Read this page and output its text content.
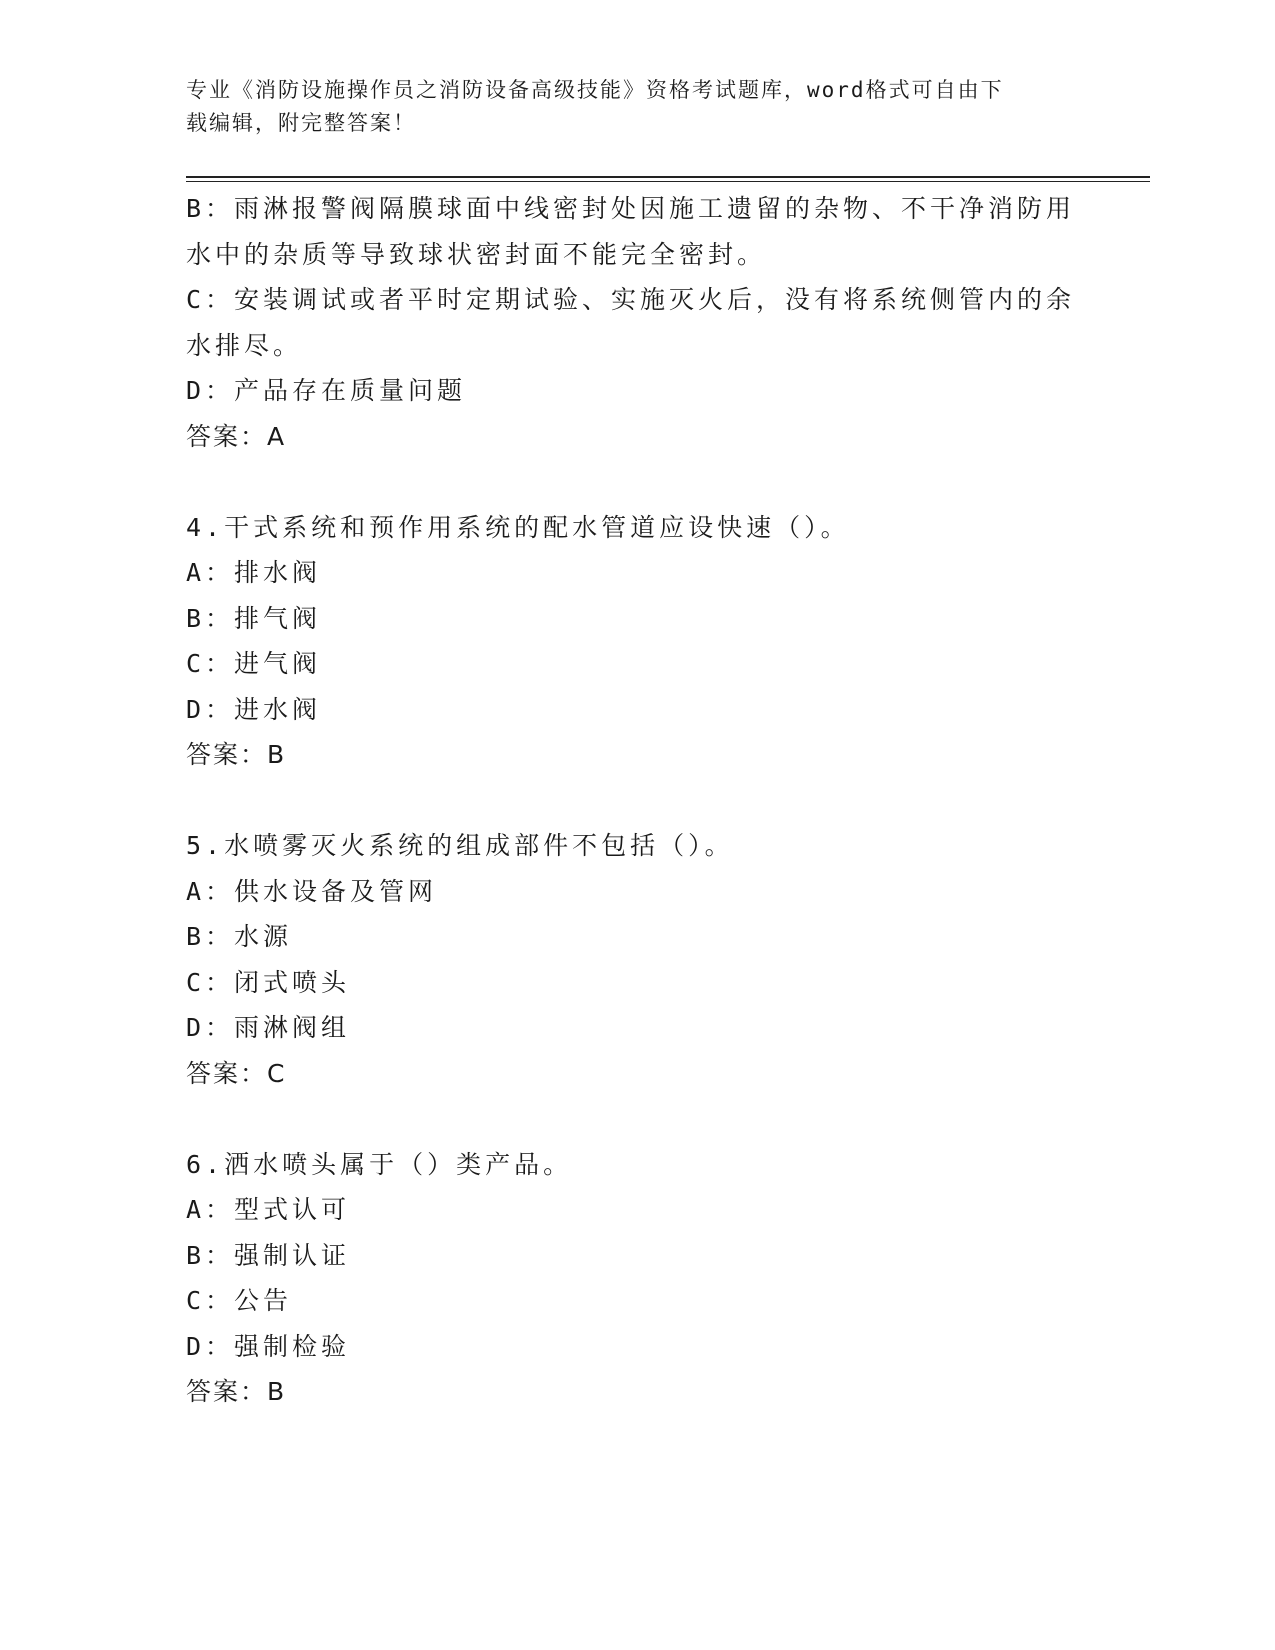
专业《消防设施操作员之消防设备高级技能》资格考试题库，word格式可自由下
载编辑，附完整答案！
B：雨淋报警阀隔膜球面中线密封处因施工遗留的杂物、不干净消防用
水中的杂质等导致球状密封面不能完全密封。
C：安装调试或者平时定期试验、实施灭火后，没有将系统侧管内的余
水排尽。
D：产品存在质量问题
答案：A
4.干式系统和预作用系统的配水管道应设快速（）。
A：排水阀
B：排气阀
C：进气阀
D：进水阀
答案：B
5.水喷雾灭火系统的组成部件不包括（）。
A：供水设备及管网
B：水源
C：闭式喷头
D：雨淋阀组
答案：C
6.洒水喷头属于（）类产品。
A：型式认可
B：强制认证
C：公告
D：强制检验
答案：B
